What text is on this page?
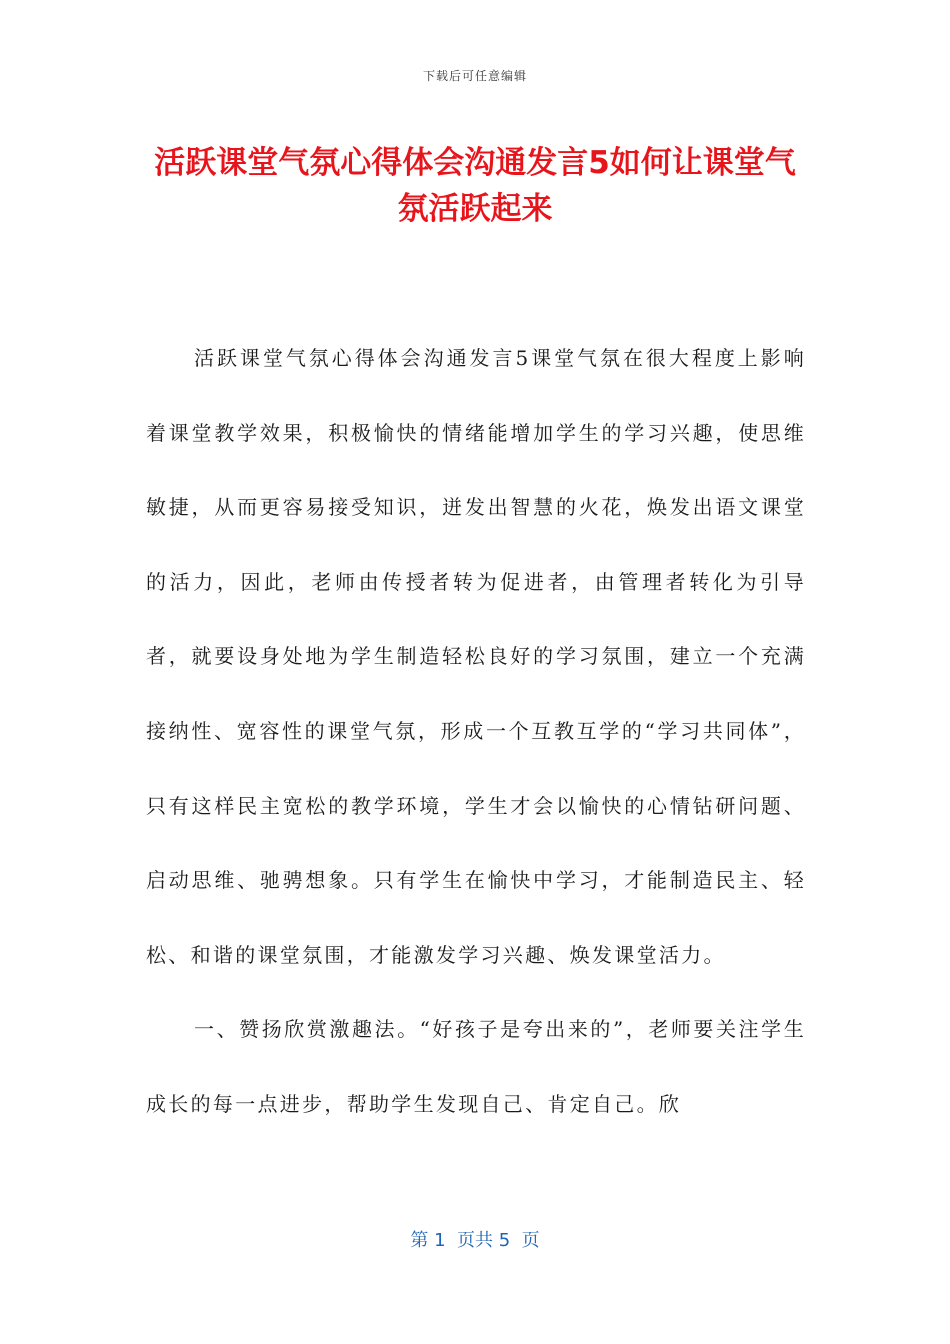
下载后可任意编辑
活跃课堂气氛心得体会沟通发言5如何让课堂气氛活跃起来

活跃课堂气氛心得体会沟通发言5课堂气氛在很大程度上影响着课堂教学效果，积极愉快的情绪能增加学生的学习兴趣，使思维敏捷，从而更容易接受知识，迸发出智慧的火花，焕发出语文课堂的活力，因此，老师由传授者转为促进者，由管理者转化为引导者，就要设身处地为学生制造轻松良好的学习氛围，建立一个充满接纳性、宽容性的课堂气氛，形成一个互教互学的“学习共同体”，只有这样民主宽松的教学环境，学生才会以愉快的心情钻研问题、启动思维、驰骋想象。只有学生在愉快中学习，才能制造民主、轻松、和谐的课堂氛围，才能激发学习兴趣、焕发课堂活力。

一、赞扬欣赏激趣法。“好孩子是夸出来的”，老师要关注学生成长的每一点进步，帮助学生发现自己、肯定自己。欣

第 1  页共 5  页
